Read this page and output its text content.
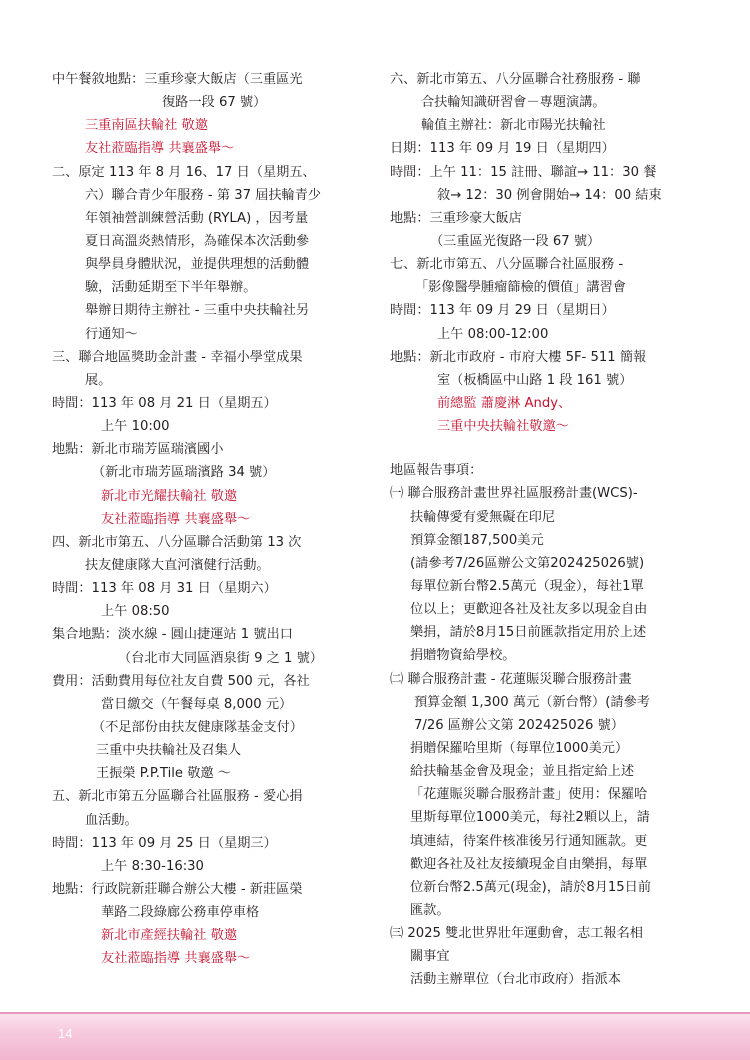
中午餐敘地點：三重珍豪大飯店（三重區光
復路一段 67 號）
三重南區扶輪社 敬邀
友社蒞臨指導 共襄盛舉～
二、原定 113 年 8 月 16、17 日（星期五、
六）聯合青少年服務 - 第 37 屆扶輪青少
年領袖營訓練營活動 (RYLA) ，因考量
夏日高溫炎熱情形，為確保本次活動參
與學員身體狀況，並提供理想的活動體
驗，活動延期至下半年舉辦。
舉辦日期待主辦社 - 三重中央扶輪社另
行通知～
三、聯合地區獎助金計畫 - 幸福小學堂成果
展。
時間：113 年 08 月 21 日（星期五）
上午 10:00
地點：新北市瑞芳區瑞濱國小
（新北市瑞芳區瑞濱路 34 號）
新北市光耀扶輪社 敬邀
友社蒞臨指導 共襄盛舉～
四、新北市第五、八分區聯合活動第 13 次
扶友健康隊大直河濱健行活動。
時間：113 年 08 月 31 日（星期六）
上午 08:50
集合地點：淡水線 - 圓山捷運站 1 號出口
（台北市大同區酒泉街 9 之 1 號）
費用：活動費用每位社友自費 500 元，各社
當日繳交（午餐每桌 8,000 元）
（不足部份由扶友健康隊基金支付）
三重中央扶輪社及召集人
王振榮 P.P.Tile 敬邀 ～
五、新北市第五分區聯合社區服務 - 愛心捐
血活動。
時間：113 年 09 月 25 日（星期三）
上午 8:30-16:30
地點：行政院新莊聯合辦公大樓 - 新莊區榮
華路二段綠廊公務車停車格
新北市產經扶輪社 敬邀
友社蒞臨指導 共襄盛舉～
六、新北市第五、八分區聯合社務服務 - 聯
合扶輪知識研習會－專題演講。
輪值主辦社：新北市陽光扶輪社
日期：113 年 09 月 19 日（星期四）
時間：上午 11：15 註冊、聯誼→ 11：30 餐
敘→ 12：30 例會開始→ 14：00 結束
地點：三重珍豪大飯店
（三重區光復路一段 67 號）
七、新北市第五、八分區聯合社區服務 -
「影像醫學腫瘤篩檢的價值」講習會
時間：113 年 09 月 29 日（星期日）
上午 08:00-12:00
地點：新北市政府 - 市府大樓 5F- 511 簡報
室（板橋區中山路 1 段 161 號）
前總監 蕭慶淋 Andy、
三重中央扶輪社敬邀～
地區報告事項：
㈠ 聯合服務計畫世界社區服務計畫(WCS)-
扶輪傳愛有愛無礙在印尼
預算金額187,500美元
(請參考7/26區辦公文第202425026號)
每單位新台幣2.5萬元（現金），每社1單
位以上；更歡迎各社及社友多以現金自由
樂捐，請於8月15日前匯款指定用於上述
捐贈物資給學校。
㈡ 聯合服務計畫 - 花蓮賑災聯合服務計畫
預算金額 1,300 萬元（新台幣）(請參考
7/26 區辦公文第 202425026 號）
捐贈保羅哈里斯（每單位1000美元）
給扶輪基金會及現金；並且指定給上述
「花蓮賑災聯合服務計畫」使用：保羅哈
里斯每單位1000美元，每社2顆以上，請
填連結，待案件核准後另行通知匯款。更
歡迎各社及社友接續現金自由樂捐，每單
位新台幣2.5萬元(現金)，請於8月15日前
匯款。
㈢ 2025 雙北世界壯年運動會，志工報名相
關事宜
活動主辦單位（台北市政府）指派本
14
